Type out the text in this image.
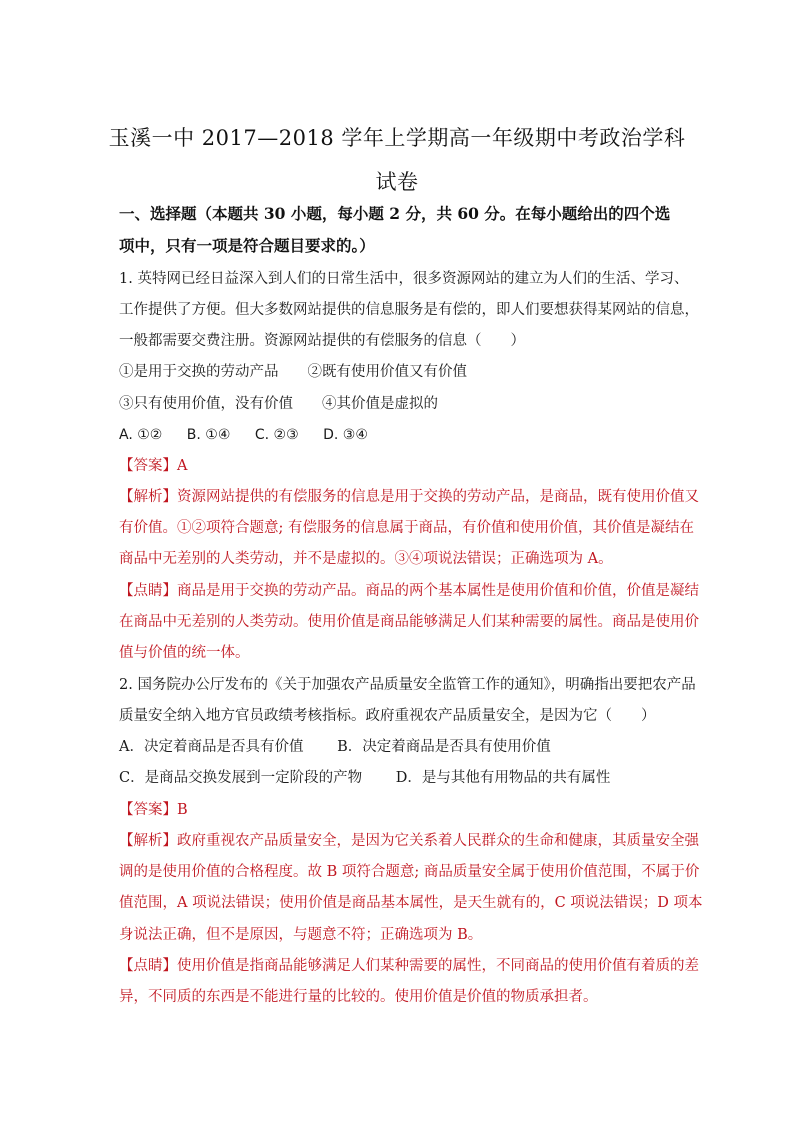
玉溪一中 2017—2018 学年上学期高一年级期中考政治学科
试卷
一、选择题（本题共 30 小题，每小题 2 分，共 60 分。在每小题给出的四个选
项中，只有一项是符合题目要求的。）
1. 英特网已经日益深入到人们的日常生活中，很多资源网站的建立为人们的生活、学习、
工作提供了方便。但大多数网站提供的信息服务是有偿的，即人们要想获得某网站的信息，
一般都需要交费注册。资源网站提供的有偿服务的信息（　　）
①是用于交换的劳动产品　　②既有使用价值又有价值
③只有使用价值，没有价值　　④其价值是虚拟的
A. ①② B. ①④ C. ②③ D. ③④
【答案】A
【解析】资源网站提供的有偿服务的信息是用于交换的劳动产品，是商品，既有使用价值又
有价值。①②项符合题意; 有偿服务的信息属于商品，有价值和使用价值，其价值是凝结在
商品中无差别的人类劳动，并不是虚拟的。③④项说法错误；正确选项为 A。
【点睛】商品是用于交换的劳动产品。商品的两个基本属性是使用价值和价值，价值是凝结
在商品中无差别的人类劳动。使用价值是商品能够满足人们某种需要的属性。商品是使用价
值与价值的统一体。
2. 国务院办公厅发布的《关于加强农产品质量安全监管工作的通知》，明确指出要把农产品
质量安全纳入地方官员政绩考核指标。政府重视农产品质量安全，是因为它（　　）
A．决定着商品是否具有价值　　 B．决定着商品是否具有使用价值
C．是商品交换发展到一定阶段的产物　　 D．是与其他有用物品的共有属性
【答案】B
【解析】政府重视农产品质量安全，是因为它关系着人民群众的生命和健康，其质量安全强
调的是使用价值的合格程度。故 B 项符合题意; 商品质量安全属于使用价值范围，不属于价
值范围，A 项说法错误；使用价值是商品基本属性，是天生就有的，C 项说法错误；D 项本
身说法正确，但不是原因，与题意不符；正确选项为 B。
【点睛】使用价值是指商品能够满足人们某种需要的属性，不同商品的使用价值有着质的差
异，不同质的东西是不能进行量的比较的。使用价值是价值的物质承担者。
